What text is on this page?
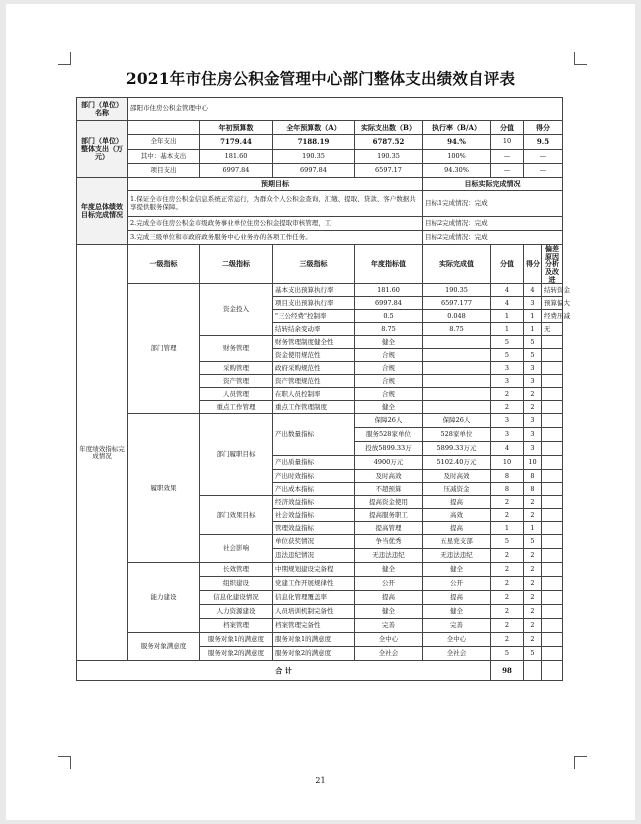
2021年市住房公积金管理中心部门整体支出绩效自评表
部门（单位）名称	邵阳市住房公积金管理中心							
部门（单位）整体支出（万元）		年初预算数	全年预算数（A）	实际支出数（B）	执行率（B/A）	分值	得分	
	全年支出	7179.44	7188.19	6787.52	94.%	10	9.5	
	其中：基本支出	181.60	190.35	190.35	100%	—	—	
	项目支出	6997.84	6997.84	6597.17	94.30%	—	—	
年度总体绩效目标完成情况	预期目标				目标实际完成情况			
	1.保证全市住房公积金信息系统正常运行，为群众个人公积金查询、汇缴、提取、贷款、客户数据共享提供服务保障。				目标1完成情况：完成			
	2.完成全市住房公积金市级政务事业单位住房公积金提取审核管理，工				目标2完成情况：完成			
	3.完成三级单位和市政府政务服务中心业务办的各项工作任务。				目标2完成情况：完成			
年度绩效指标完成情况	一级指标	二级指标	三级指标	年度指标值	实际完成值	分值	得分	偏差原因分析及改进
	部门管理	资金投入	基本支出预算执行率	181.60	190.35	4	4	结转资金
			项目支出预算执行率	6997.84	6597.177	4	3	预算偏大
			"三公经费"控制率	0.5	0.048	1	1	经费压减
			结转结余变动率	8.75	8.75	1	1	无
		财务管理	财务管理制度健全性	健全		5	5	
			资金使用规范性	合规		5	5	
		采购管理	政府采购规范性	合规		3	3	
		资产管理	资产管理规范性	合规		3	3	
		人员管理	在职人员控制率	合规		2	2	
		重点工作管理	重点工作管理制度	健全		2	2	
	履职效果	部门履职目标	产出数量指标	保障26人	保障26人	3	3	
				服务528家单位	528家单位	3	3	
				投放5899.33万	5899.33万元	4	3	
			产出质量指标	4900万元	5102.40万元	10	10	
			产出时效指标	及时高效	及时高效	8	8	
			产出成本指标	不超预算	压减资金	8	8	
		部门效果目标	经济效益指标	提高资金使用	提高	2	2	
			社会效益指标	提高服务职工	高效	2	2	
			管理效益指标	提高管理	提高	1	1	
		社会影响	单位获奖情况	争当优秀	五星党支部	5	5	
			违法违纪情况	无违法违纪	无违法违纪	2	2	
	能力建设	长效管理	中期规划建设完备程	健全	健全	2	2	
		组织建设	党建工作开展规律性	公开	公开	2	2	
		信息化建设情况	信息化管理覆盖率	提高	提高	2	2	
		人力资源建设	人员培训机制完备性	健全	健全	2	2	
		档案管理	档案管理完备性	完善	完善	2	2	
	服务对象满意度	服务对象1的满意度	服务对象1的满意度	全中心	全中心	2	2	
		服务对象2的满意度	服务对象2的满意度	全社会	全社会	5	5	
合 计						98		
21
